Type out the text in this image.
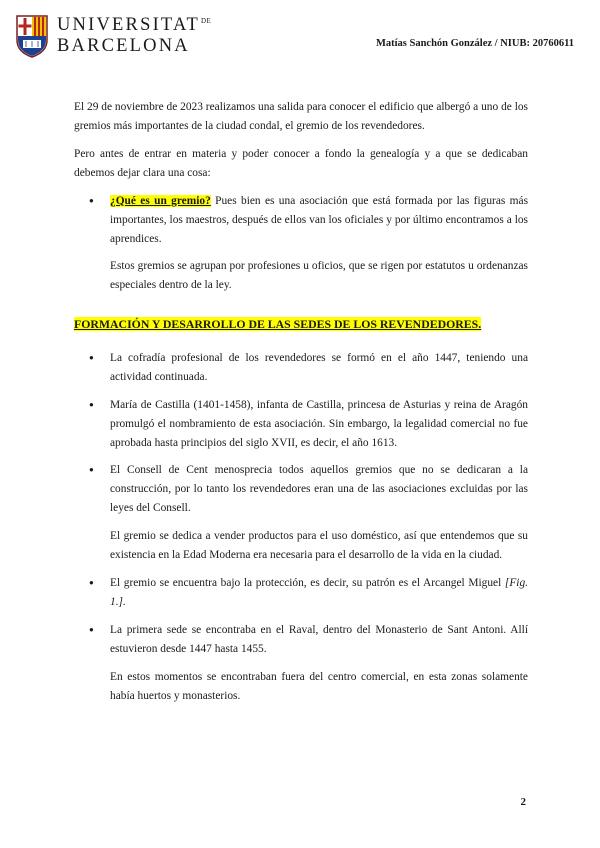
$UNIVERSITAT^{DE}$
BARCELONA	Matías Sanchón González / NIUB: 20760611

El 29 de noviembre de 2023 realizamos una salida para conocer el edificio que albergó a uno de los gremios más importantes de la ciudad condal, el gremio de los revendedores.

Pero antes de entrar en materia y poder conocer a fondo la genealogía y a que se dedicaban debemos dejar clara una cosa:

● ¿Qué es un gremio? Pues bien es una asociación que está formada por las figuras más importantes, los maestros, después de ellos van los oficiales y por último encontramos a los aprendices.

Estos gremios se agrupan por profesiones u oficios, que se rigen por estatutos u ordenanzas especiales dentro de la ley.

FORMACIÓN Y DESARROLLO DE LAS SEDES DE LOS REVENDEDORES.
● La cofradía profesional de los revendedores se formó en el año 1447, teniendo una actividad continuada.
● María de Castilla (1401-1458), infanta de Castilla, princesa de Asturias y reina de Aragón promulgó el nombramiento de esta asociación. Sin embargo, la legalidad comercial no fue aprobada hasta principios del siglo XVII, es decir, el año 1613.
● El Consell de Cent menosprecia todos aquellos gremios que no se dedicaran a la construcción, por lo tanto los revendedores eran una de las asociaciones excluidas por las leyes del Consell.

El gremio se dedica a vender productos para el uso doméstico, así que entendemos que su existencia en la Edad Moderna era necesaria para el desarrollo de la vida en la ciudad.

● El gremio se encuentra bajo la protección, es decir, su patrón es el Arcangel Miguel [Fig. 1.].
● La primera sede se encontraba en el Raval, dentro del Monasterio de Sant Antoni. Allí estuvieron desde 1447 hasta 1455.

En estos momentos se encontraban fuera del centro comercial, en esta zonas solamente había huertos y monasterios.

2
